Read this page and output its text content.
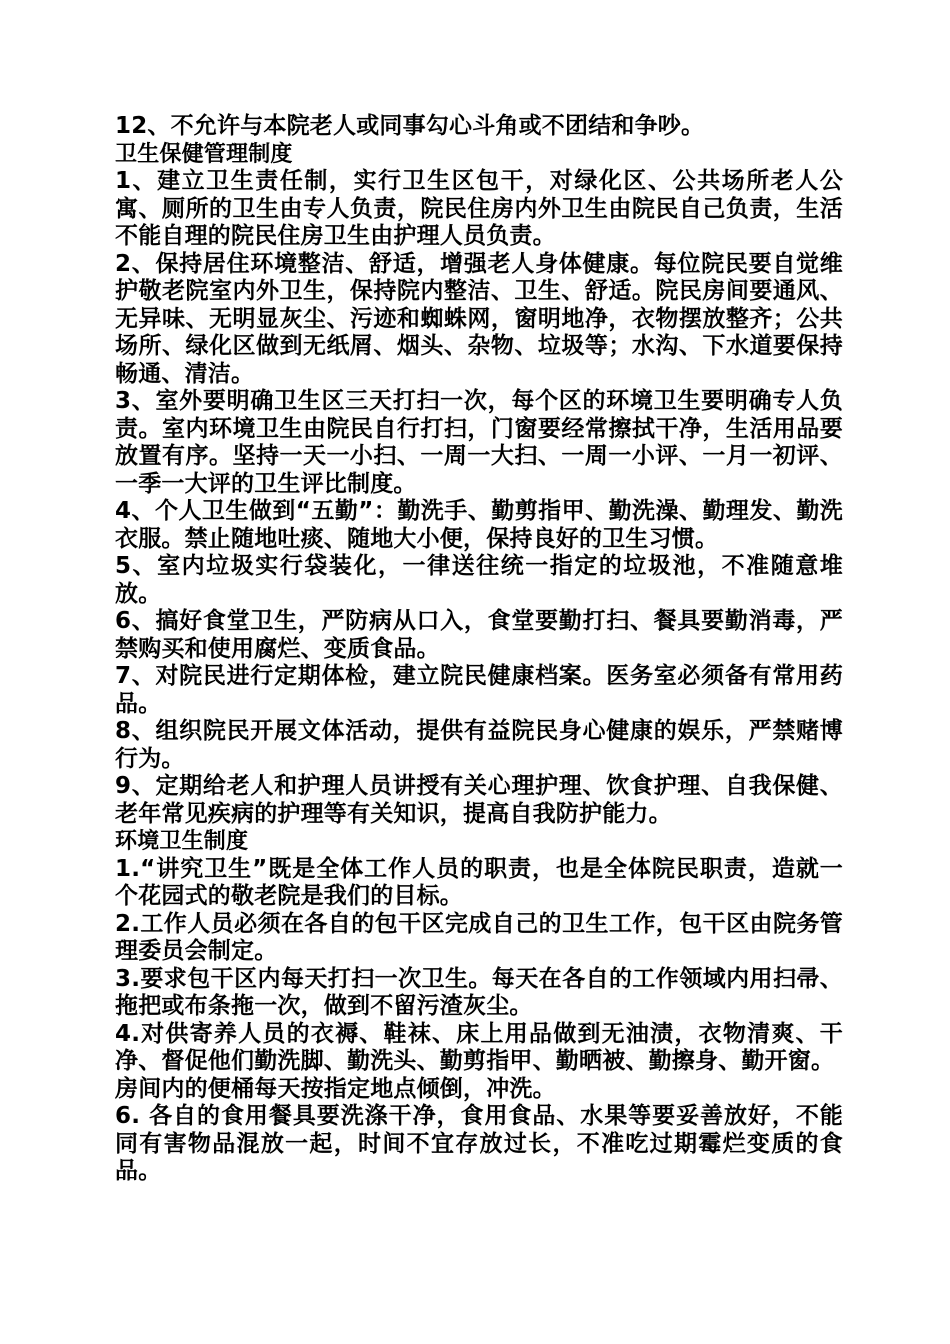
12、不允许与本院老人或同事勾心斗角或不团结和争吵。

卫生保健管理制度

1、建立卫生责任制，实行卫生区包干，对绿化区、公共场所老人公寓、厕所的卫生由专人负责，院民住房内外卫生由院民自己负责，生活不能自理的院民住房卫生由护理人员负责。

2、保持居住环境整洁、舒适，增强老人身体健康。每位院民要自觉维护敬老院室内外卫生，保持院内整洁、卫生、舒适。院民房间要通风、无异味、无明显灰尘、污迹和蜘蛛网，窗明地净，衣物摆放整齐；公共场所、绿化区做到无纸屑、烟头、杂物、垃圾等；水沟、下水道要保持畅通、清洁。

3、室外要明确卫生区三天打扫一次，每个区的环境卫生要明确专人负责。室内环境卫生由院民自行打扫，门窗要经常擦拭干净，生活用品要放置有序。坚持一天一小扫、一周一大扫、一周一小评、一月一初评、一季一大评的卫生评比制度。

4、个人卫生做到“五勤”：勤洗手、勤剪指甲、勤洗澡、勤理发、勤洗衣服。禁止随地吐痰、随地大小便，保持良好的卫生习惯。

5、室内垃圾实行袋装化，一律送往统一指定的垃圾池，不准随意堆放。

6、搞好食堂卫生，严防病从口入，食堂要勤打扫、餐具要勤消毒，严禁购买和使用腐烂、变质食品。

7、对院民进行定期体检，建立院民健康档案。医务室必须备有常用药品。

8、组织院民开展文体活动，提供有益院民身心健康的娱乐，严禁赌博行为。

9、定期给老人和护理人员讲授有关心理护理、饮食护理、自我保健、老年常见疾病的护理等有关知识，提高自我防护能力。

环境卫生制度

1.“讲究卫生”既是全体工作人员的职责，也是全体院民职责，造就一个花园式的敬老院是我们的目标。

2.工作人员必须在各自的包干区完成自己的卫生工作，包干区由院务管理委员会制定。

3.要求包干区内每天打扫一次卫生。每天在各自的工作领域内用扫帚、拖把或布条拖一次，做到不留污渣灰尘。

4.对供寄养人员的衣褥、鞋袜、床上用品做到无油渍，衣物清爽、干净、督促他们勤洗脚、勤洗头、勤剪指甲、勤晒被、勤擦身、勤开窗。

房间内的便桶每天按指定地点倾倒，冲洗。

6. 各自的食用餐具要洗涤干净，食用食品、水果等要妥善放好，不能同有害物品混放一起，时间不宜存放过长，不准吃过期霉烂变质的食品。
